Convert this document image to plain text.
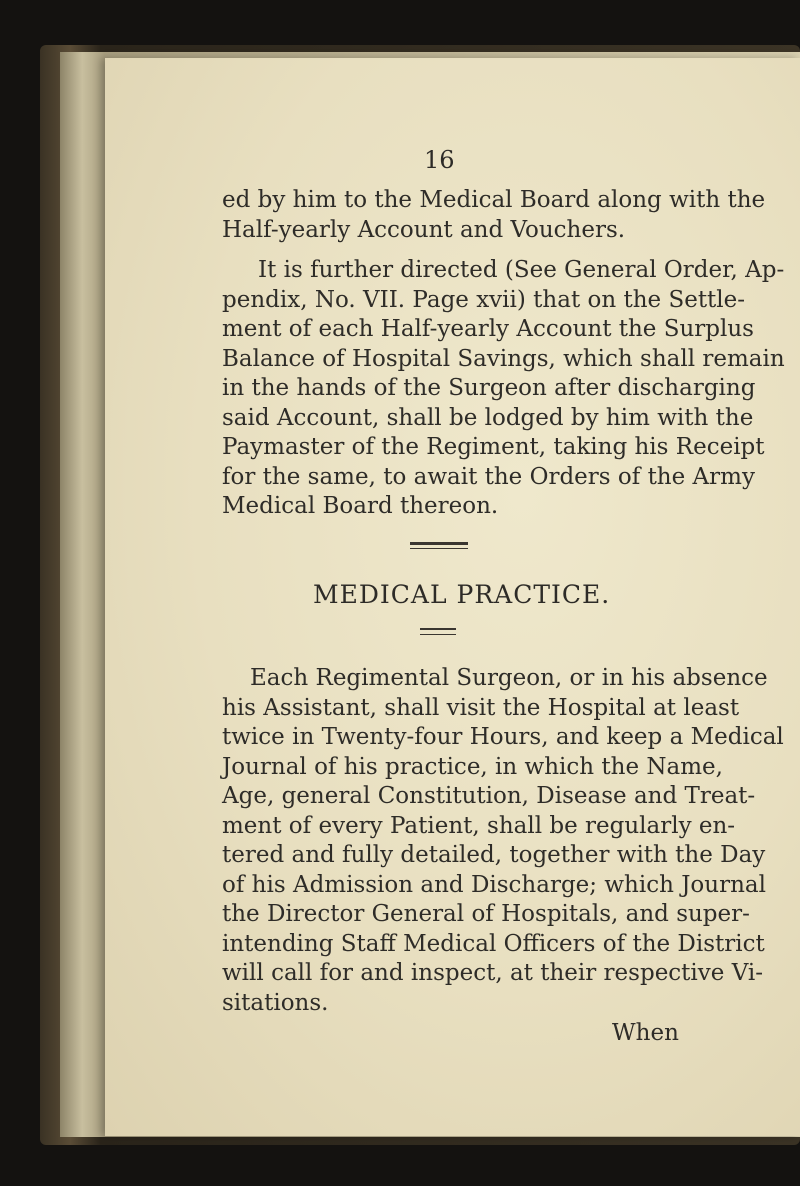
16
ed by him to the Medical Board along with the
Half-yearly Account and Vouchers.
It is further directed (See General Order, Ap-
pendix, No. VII. Page xvii) that on the Settle-
ment of each Half-yearly Account the Surplus
Balance of Hospital Savings, which shall remain
in the hands of the Surgeon after discharging
said Account, shall be lodged by him with the
Paymaster of the Regiment, taking his Receipt
for the same, to await the Orders of the Army
Medical Board thereon.
MEDICAL PRACTICE.
Each Regimental Surgeon, or in his absence
his Assistant, shall visit the Hospital at least
twice in Twenty-four Hours, and keep a Medical
Journal of his practice, in which the Name,
Age, general Constitution, Disease and Treat-
ment of every Patient, shall be regularly en-
tered and fully detailed, together with the Day
of his Admission and Discharge; which Journal
the Director General of Hospitals, and super-
intending Staff Medical Officers of the District
will call for and inspect, at their respective Vi-
sitations.
When
